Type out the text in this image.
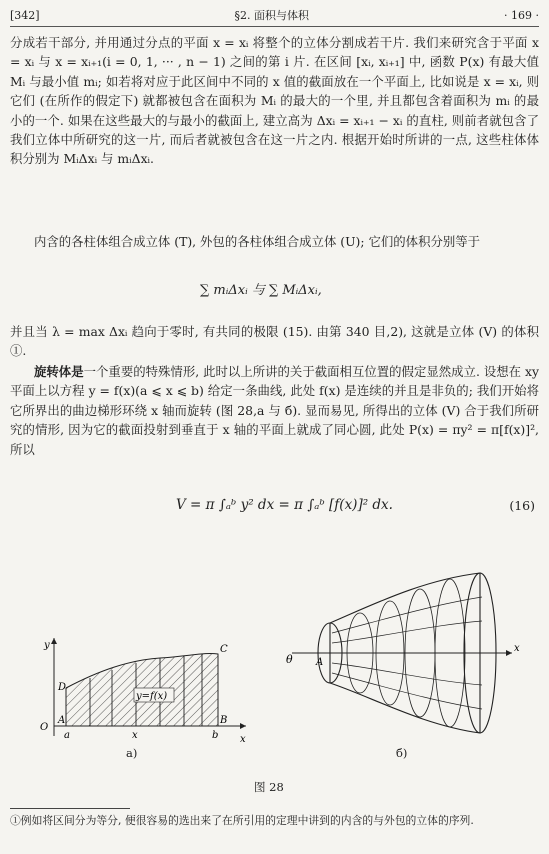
[342]	§2. 面积与体积	· 169 ·

分成若干部分, 并用通过分点的平面 x = xᵢ 将整个的立体分割成若干片. 我们来研究含于平面 x = xᵢ 与 x = xᵢ₊₁(i = 0, 1, ··· , n − 1) 之间的第 i 片. 在区间 [xᵢ, xᵢ₊₁] 中, 函数 P(x) 有最大值 Mᵢ 与最小值 mᵢ; 如若将对应于此区间中不同的 x 值的截面放在一个平面上, 比如说是 x = xᵢ, 则它们 (在所作的假定下) 就都被包含在面积为 Mᵢ 的最大的一个里, 并且都包含着面积为 mᵢ 的最小的一个. 如果在这些最大的与最小的截面上, 建立高为 Δxᵢ = xᵢ₊₁ − xᵢ 的直柱, 则前者就包含了我们立体中所研究的这一片, 而后者就被包含在这一片之内. 根据开始时所讲的一点, 这些柱体体积分别为 MᵢΔxᵢ 与 mᵢΔxᵢ.

内含的各柱体组合成立体 (T), 外包的各柱体组合成立体 (U); 它们的体积分别等于

∑ mᵢΔxᵢ 与 ∑ MᵢΔxᵢ,

并且当 λ = max Δxᵢ 趋向于零时, 有共同的极限 (15). 由第 340 目,2), 这就是立体 (V) 的体积①.

旋转体是一个重要的特殊情形, 此时以上所讲的关于截面相互位置的假定显然成立. 设想在 xy 平面上以方程 y = f(x)(a ⩽ x ⩽ b) 给定一条曲线, 此处 f(x) 是连续的并且是非负的; 我们开始将它所界出的曲边梯形环绕 x 轴而旋转 (图 28,a 与 б). 显而易见, 所得出的立体 (V) 合于我们所研究的情形, 因为它的截面投射到垂直于 x 轴的平面上就成了同心圆, 此处 P(x) = πy² = π[f(x)]², 所以

V = π ∫ₐᵇ y² dx = π ∫ₐᵇ [f(x)]² dx.	(16)
y=f(x)
y
x
O
A
a	x	b
B
C
D
a)
θ A
x
б)
图 28
①例如将区间分为等分, 便很容易的选出来了在所引用的定理中讲到的内含的与外包的立体的序列.
